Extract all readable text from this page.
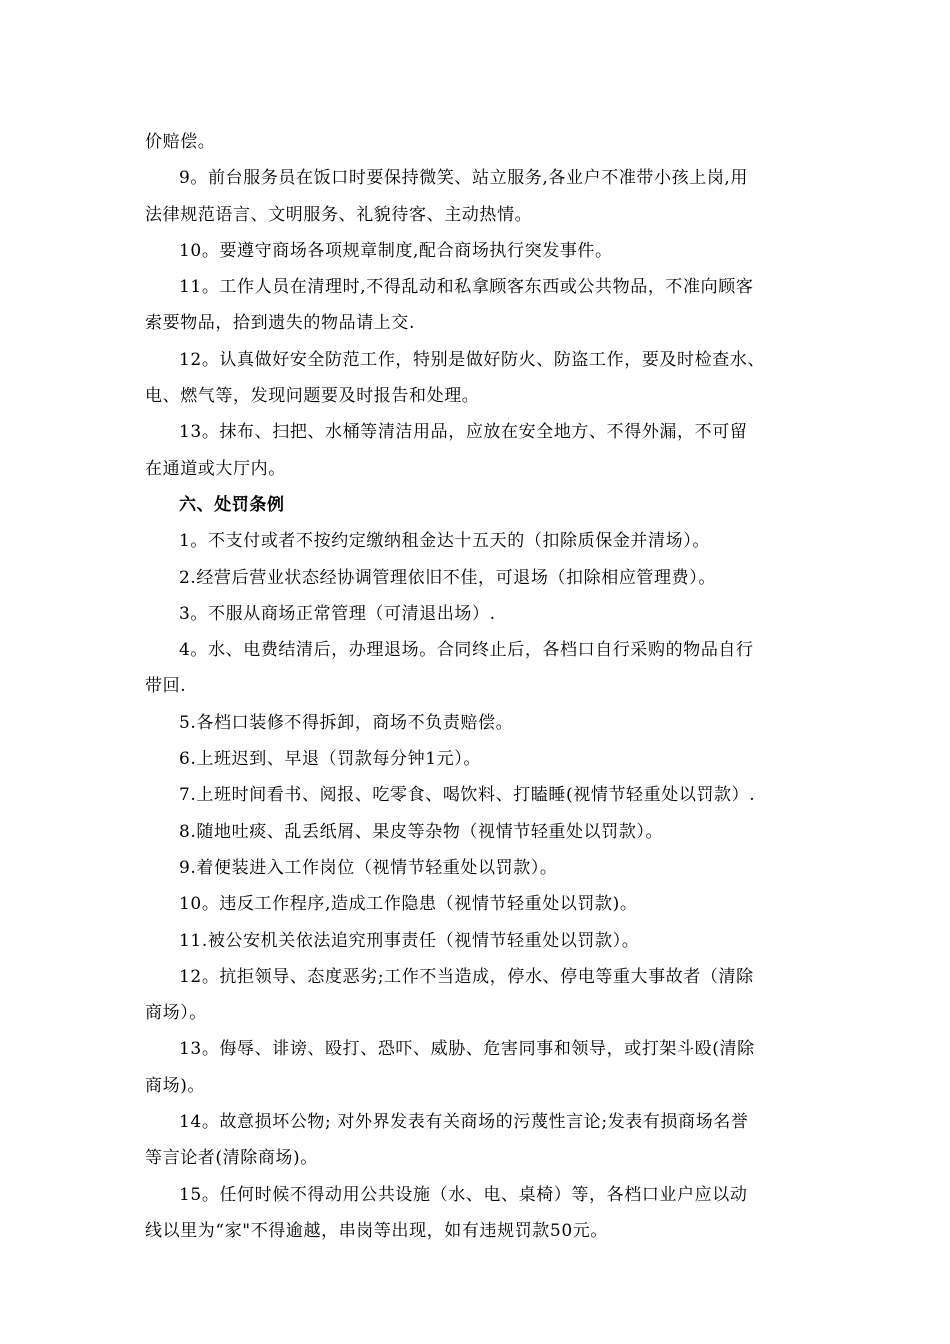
价赔偿。
9。前台服务员在饭口时要保持微笑、站立服务,各业户不准带小孩上岗,用
法律规范语言、文明服务、礼貌待客、主动热情。
10。要遵守商场各项规章制度,配合商场执行突发事件。
11。工作人员在清理时,不得乱动和私拿顾客东西或公共物品，不准向顾客
索要物品，拾到遗失的物品请上交.
12。认真做好安全防范工作，特别是做好防火、防盗工作，要及时检查水、
电、燃气等，发现问题要及时报告和处理。
13。抹布、扫把、水桶等清洁用品，应放在安全地方、不得外漏，不可留
在通道或大厅内。
六、处罚条例
1。不支付或者不按约定缴纳租金达十五天的（扣除质保金并清场）。
2.经营后营业状态经协调管理依旧不佳，可退场（扣除相应管理费）。
3。不服从商场正常管理（可清退出场）.
4。水、电费结清后，办理退场。合同终止后，各档口自行采购的物品自行
带回.
5.各档口装修不得拆卸，商场不负责赔偿。
6.上班迟到、早退（罚款每分钟1元）。
7.上班时间看书、阅报、吃零食、喝饮料、打瞌睡(视情节轻重处以罚款）.
8.随地吐痰、乱丢纸屑、果皮等杂物（视情节轻重处以罚款）。
9.着便装进入工作岗位（视情节轻重处以罚款）。
10。违反工作程序,造成工作隐患（视情节轻重处以罚款)。
11.被公安机关依法追究刑事责任（视情节轻重处以罚款）。
12。抗拒领导、态度恶劣;工作不当造成，停水、停电等重大事故者（清除
商场）。
13。侮辱、诽谤、殴打、恐吓、威胁、危害同事和领导，或打架斗殴(清除
商场)。
14。故意损坏公物; 对外界发表有关商场的污蔑性言论;发表有损商场名誉
等言论者(清除商场)。
15。任何时候不得动用公共设施（水、电、桌椅）等，各档口业户应以动
线以里为“家"不得逾越，串岗等出现，如有违规罚款50元。
